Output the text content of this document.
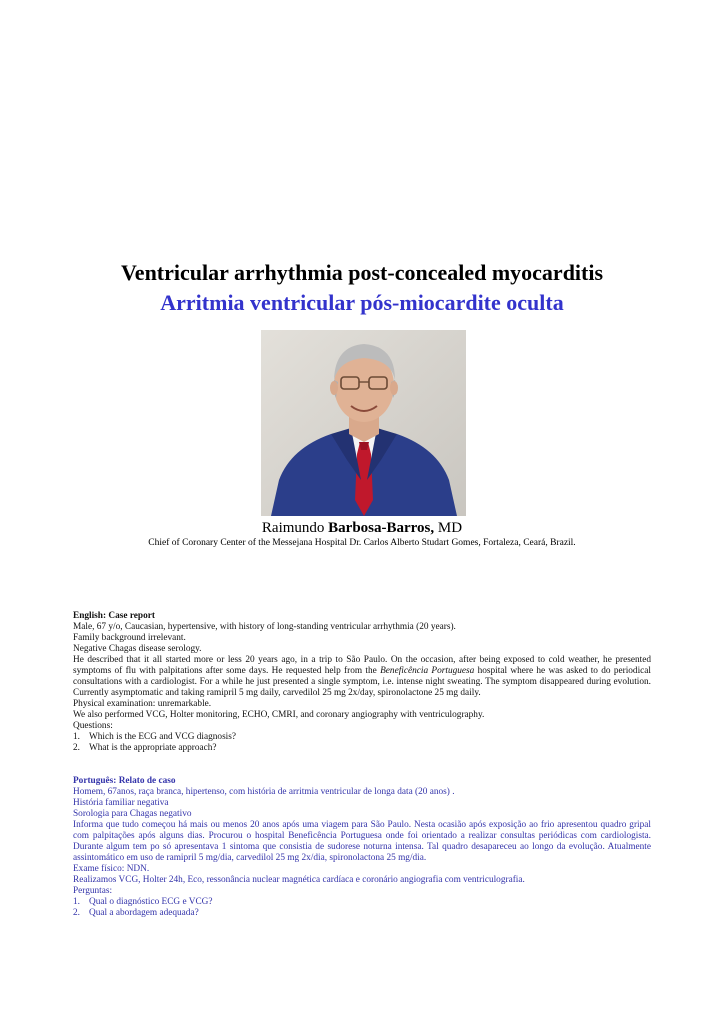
Ventricular arrhythmia post-concealed myocarditis
Arritmia ventricular pós-miocardite oculta
Raimundo Barbosa-Barros, MD
Chief of Coronary Center of the Messejana Hospital Dr. Carlos Alberto Studart Gomes, Fortaleza, Ceará, Brazil.

English: Case report

Male, 67 y/o, Caucasian, hypertensive, with history of long-standing ventricular arrhythmia (20 years).

Family background irrelevant.

Negative Chagas disease serology.

He described that it all started more or less 20 years ago, in a trip to São Paulo. On the occasion, after being exposed to cold weather, he presented symptoms of flu with palpitations after some days. He requested help from the Beneficência Portuguesa hospital where he was asked to do periodical consultations with a cardiologist. For a while he just presented a single symptom, i.e. intense night sweating. The symptom disappeared during evolution. Currently asymptomatic and taking ramipril 5 mg daily, carvedilol 25 mg 2x/day, spironolactone 25 mg daily.

Physical examination: unremarkable.

We also performed VCG, Holter monitoring, ECHO, CMRI, and coronary angiography with ventriculography.

Questions:

1. Which is the ECG and VCG diagnosis?
2. What is the appropriate approach?

Português: Relato de caso

Homem, 67anos, raça branca, hipertenso, com história de arritmia ventricular de longa data (20 anos) .

História familiar negativa

Sorologia para Chagas negativo

Informa que tudo começou há mais ou menos 20 anos após uma viagem para São Paulo. Nesta ocasião após exposição ao frio apresentou quadro gripal com palpitações após alguns dias. Procurou o hospital Beneficência Portuguesa onde foi orientado a realizar consultas periódicas com cardiologista. Durante algum tem po só apresentava 1 sintoma que consistia de sudorese noturna intensa. Tal quadro desapareceu ao longo da evolução. Atualmente assintomático em uso de ramipril 5 mg/dia, carvedilol 25 mg 2x/dia, spironolactona 25 mg/dia.

Exame físico: NDN.

Realizamos VCG, Holter 24h, Eco, ressonância nuclear magnética cardíaca e coronário angiografia com ventriculografia.

Perguntas:

1. Qual o diagnóstico ECG e VCG?
2. Qual a abordagem adequada?
